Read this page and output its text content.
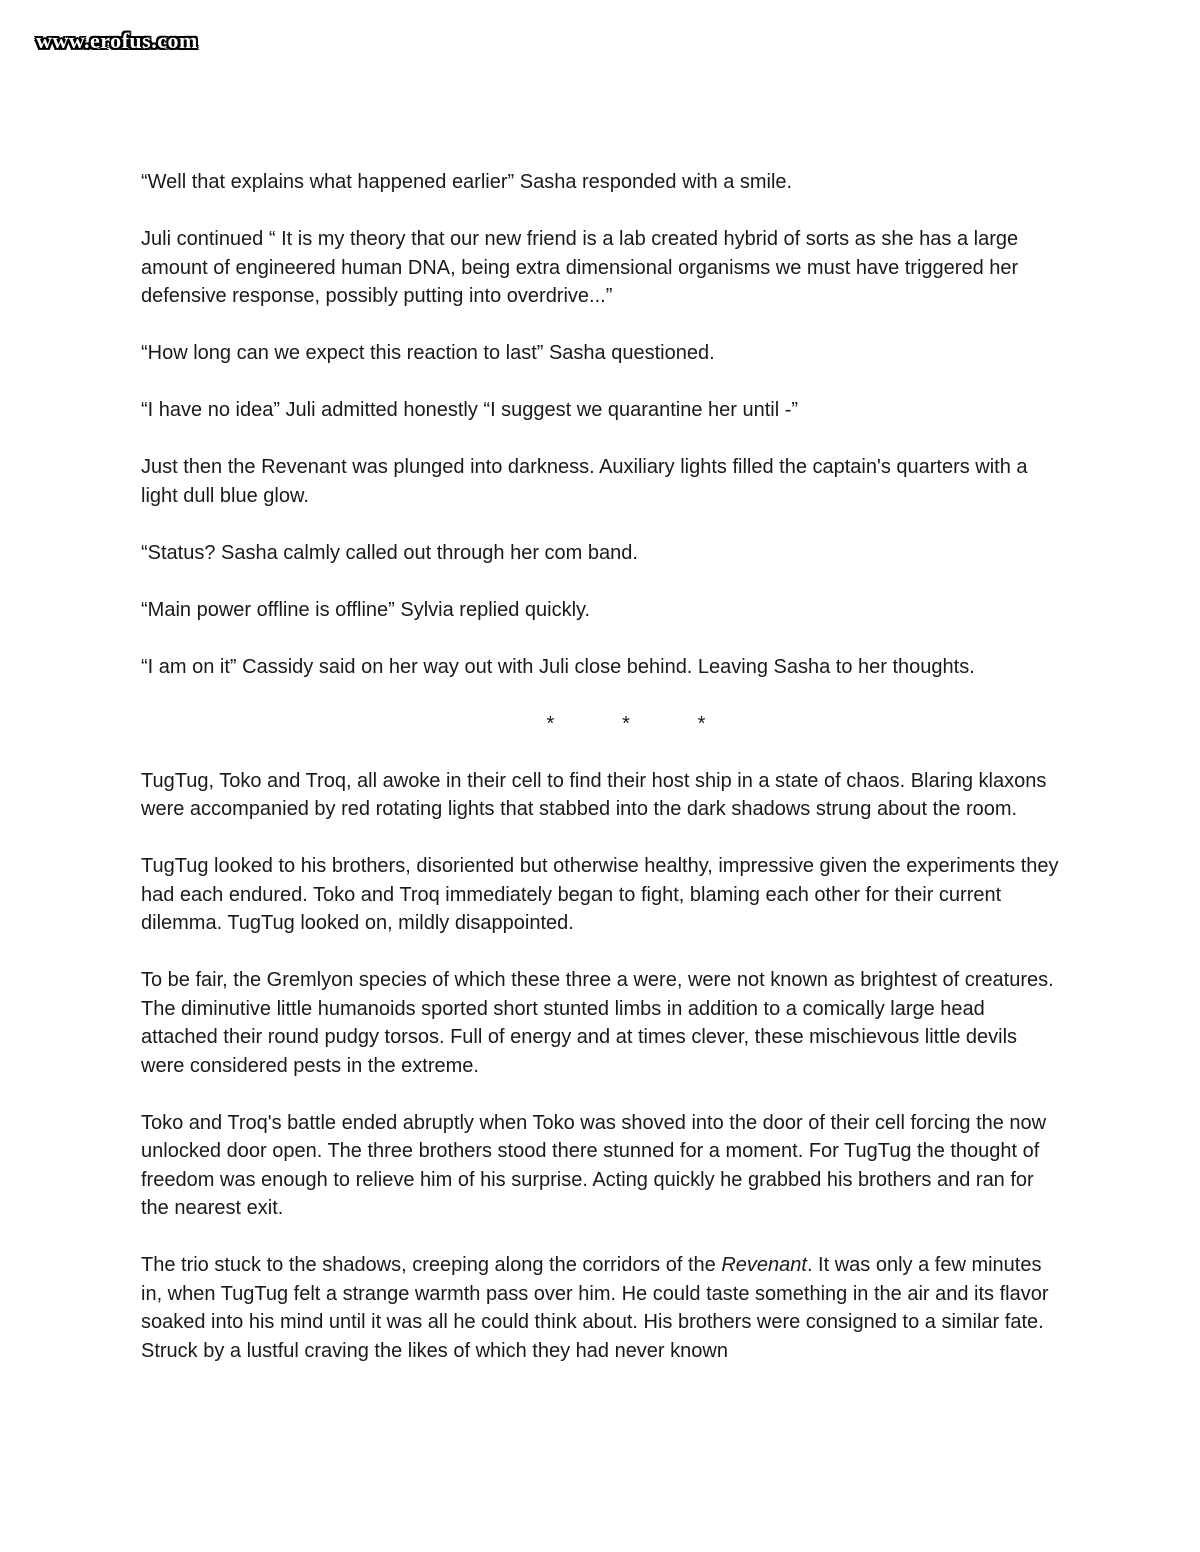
www.erofus.com

“Well that explains what happened earlier” Sasha responded with a smile.

Juli continued “ It is my theory that our new friend is a lab created hybrid of sorts as she has a large amount of engineered human DNA, being extra dimensional organisms we must have triggered her defensive response, possibly putting into overdrive...”

“How long can we expect this reaction to last” Sasha questioned.

“I have no idea” Juli admitted honestly “I suggest we quarantine her until -”

Just then the Revenant was plunged into darkness. Auxiliary lights filled the captain's quarters with a light dull blue glow.

“Status? Sasha calmly called out through her com band.

“Main power offline is offline” Sylvia replied quickly.

“I am on it” Cassidy said on her way out with Juli close behind. Leaving Sasha to her thoughts.

*	*	*

TugTug, Toko and Troq, all awoke in their cell to find their host ship in a state of chaos. Blaring klaxons were accompanied by red rotating lights that stabbed into the dark shadows strung about the room.

TugTug looked to his brothers, disoriented but otherwise healthy, impressive given the experiments they had each endured. Toko and Troq immediately began to fight, blaming each other for their current dilemma. TugTug looked on, mildly disappointed.

To be fair, the Gremlyon species of which these three a were, were not known as brightest of creatures. The diminutive little humanoids sported short stunted limbs in addition to a comically large head attached their round pudgy torsos. Full of energy and at times clever, these mischievous little devils were considered pests in the extreme.

Toko and Troq's battle ended abruptly when Toko was shoved into the door of their cell forcing the now unlocked door open. The three brothers stood there stunned for a moment. For TugTug the thought of freedom was enough to relieve him of his surprise. Acting quickly he grabbed his brothers and ran for the nearest exit.

The trio stuck to the shadows, creeping along the corridors of the Revenant. It was only a few minutes in, when TugTug felt a strange warmth pass over him. He could taste something in the air and its flavor soaked into his mind until it was all he could think about. His brothers were consigned to a similar fate. Struck by a lustful craving the likes of which they had never known
